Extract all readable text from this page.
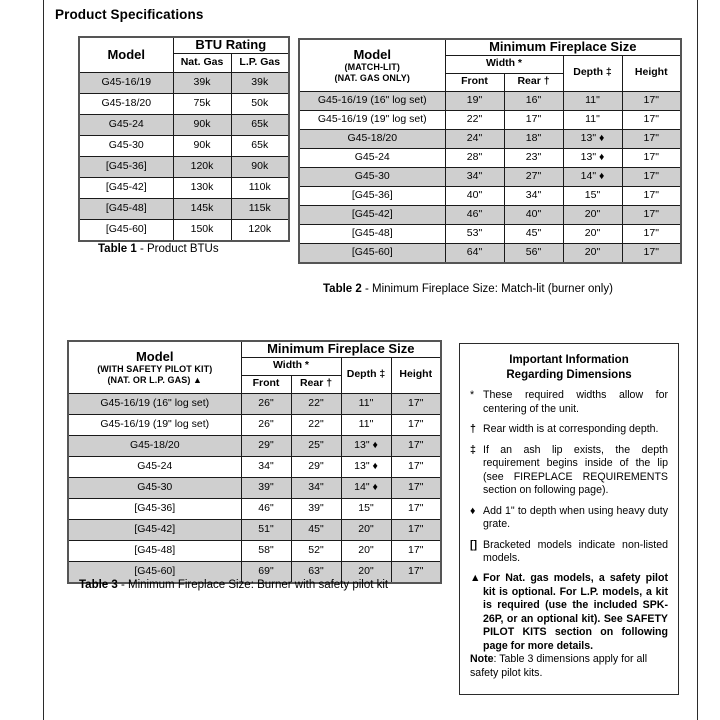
Product Specifications
Model	BTU Rating	
	Nat. Gas	L.P. Gas
G45-16/19	39k	39k
G45-18/20	75k	50k
G45-24	90k	65k
G45-30	90k	65k
[G45-36]	120k	90k
[G45-42]	130k	110k
[G45-48]	145k	115k
[G45-60]	150k	120k
Table 1 - Product BTUs
Model
(MATCH-LIT)
(NAT. GAS ONLY)	Minimum Fireplace Size			
	Width *		Depth ‡	Height
	Front	Rear †		
G45-16/19 (16" log set)	19"	16"	11"	17"
G45-16/19 (19" log set)	22"	17"	11"	17"
G45-18/20	24"	18"	13" ♦	17"
G45-24	28"	23"	13" ♦	17"
G45-30	34"	27"	14" ♦	17"
[G45-36]	40"	34"	15"	17"
[G45-42]	46"	40"	20"	17"
[G45-48]	53"	45"	20"	17"
[G45-60]	64"	56"	20"	17"
Table 2 - Minimum Fireplace Size: Match-lit (burner only)
Model
(WITH SAFETY PILOT KIT)
(NAT. OR L.P. GAS) ▲	Minimum Fireplace Size			
	Width *		Depth ‡	Height
	Front	Rear †		
G45-16/19 (16" log set)	26"	22"	11"	17"
G45-16/19 (19" log set)	26"	22"	11"	17"
G45-18/20	29"	25"	13" ♦	17"
G45-24	34"	29"	13" ♦	17"
G45-30	39"	34"	14" ♦	17"
[G45-36]	46"	39"	15"	17"
[G45-42]	51"	45"	20"	17"
[G45-48]	58"	52"	20"	17"
[G45-60]	69"	63"	20"	17"
Table 3 - Minimum Fireplace Size: Burner with safety pilot kit
Important Information
Regarding Dimensions
* These required widths allow for centering of the unit.
† Rear width is at corresponding depth.
‡ If an ash lip exists, the depth requirement begins inside of the lip (see FIREPLACE REQUIREMENTS section on following page).
♦ Add 1" to depth when using heavy duty grate.
[] Bracketed models indicate non-listed models.
▲ For Nat. gas models, a safety pilot kit is optional. For L.P. models, a kit is required (use the included SPK-26P, or an optional kit). See SAFETY PILOT KITS section on following page for more details.
Note: Table 3 dimensions apply for all safety pilot kits.
